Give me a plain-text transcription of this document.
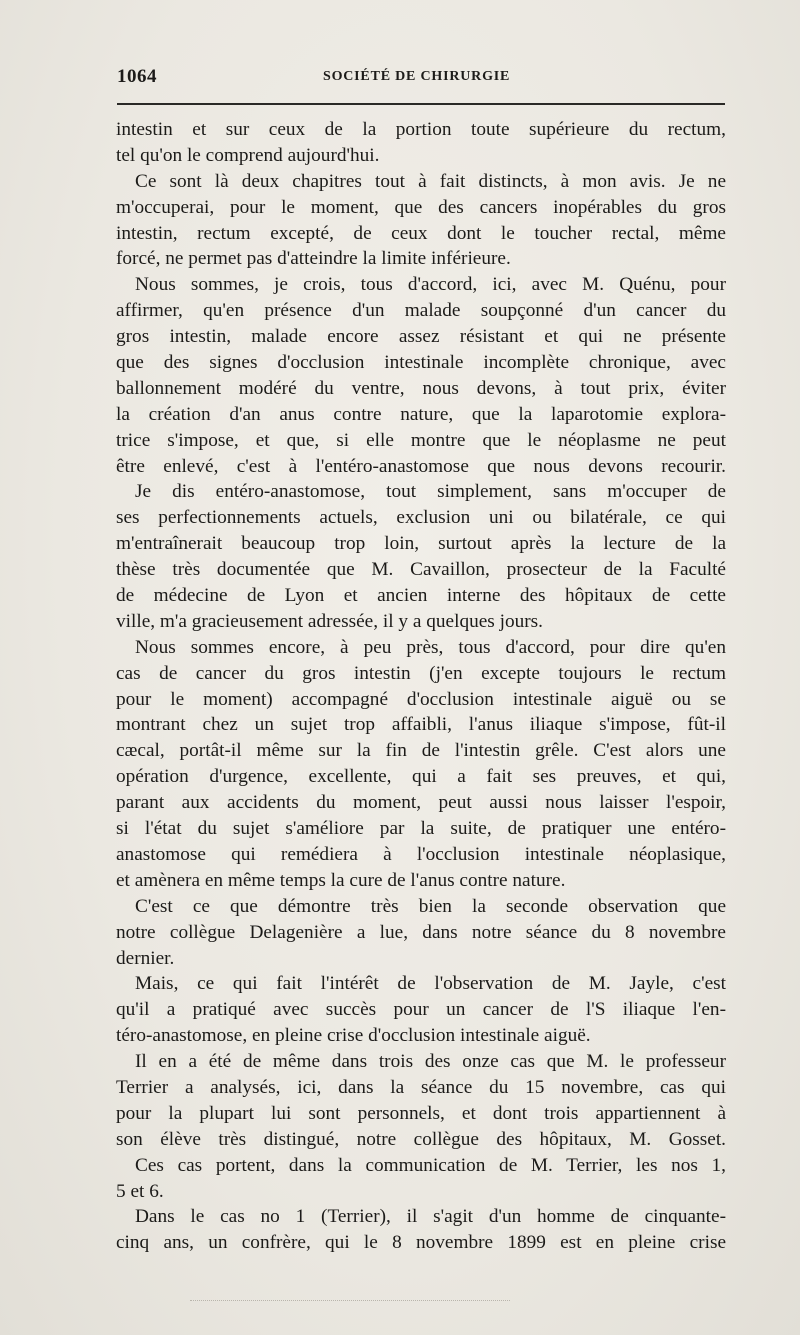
1064	SOCIÉTÉ DE CHIRURGIE
intestin et sur ceux de la portion toute supérieure du rectum,
tel qu'on le comprend aujourd'hui.
Ce sont là deux chapitres tout à fait distincts, à mon avis. Je ne
m'occuperai, pour le moment, que des cancers inopérables du gros
intestin, rectum excepté, de ceux dont le toucher rectal, même
forcé, ne permet pas d'atteindre la limite inférieure.
Nous sommes, je crois, tous d'accord, ici, avec M. Quénu, pour
affirmer, qu'en présence d'un malade soupçonné d'un cancer du
gros intestin, malade encore assez résistant et qui ne présente
que des signes d'occlusion intestinale incomplète chronique, avec
ballonnement modéré du ventre, nous devons, à tout prix, éviter
la création d'an anus contre nature, que la laparotomie explora-
trice s'impose, et que, si elle montre que le néoplasme ne peut
être enlevé, c'est à l'entéro-anastomose que nous devons recourir.
Je dis entéro-anastomose, tout simplement, sans m'occuper de
ses perfectionnements actuels, exclusion uni ou bilatérale, ce qui
m'entraînerait beaucoup trop loin, surtout après la lecture de la
thèse très documentée que M. Cavaillon, prosecteur de la Faculté
de médecine de Lyon et ancien interne des hôpitaux de cette
ville, m'a gracieusement adressée, il y a quelques jours.
Nous sommes encore, à peu près, tous d'accord, pour dire qu'en
cas de cancer du gros intestin (j'en excepte toujours le rectum
pour le moment) accompagné d'occlusion intestinale aiguë ou se
montrant chez un sujet trop affaibli, l'anus iliaque s'impose, fût-il
cæcal, portât-il même sur la fin de l'intestin grêle. C'est alors une
opération d'urgence, excellente, qui a fait ses preuves, et qui,
parant aux accidents du moment, peut aussi nous laisser l'espoir,
si l'état du sujet s'améliore par la suite, de pratiquer une entéro-
anastomose qui remédiera à l'occlusion intestinale néoplasique,
et amènera en même temps la cure de l'anus contre nature.
C'est ce que démontre très bien la seconde observation que
notre collègue Delagenière a lue, dans notre séance du 8 novembre
dernier.
Mais, ce qui fait l'intérêt de l'observation de M. Jayle, c'est
qu'il a pratiqué avec succès pour un cancer de l'S iliaque l'en-
téro-anastomose, en pleine crise d'occlusion intestinale aiguë.
Il en a été de même dans trois des onze cas que M. le professeur
Terrier a analysés, ici, dans la séance du 15 novembre, cas qui
pour la plupart lui sont personnels, et dont trois appartiennent à
son élève très distingué, notre collègue des hôpitaux, M. Gosset.
Ces cas portent, dans la communication de M. Terrier, les nos 1,
5 et 6.
Dans le cas no 1 (Terrier), il s'agit d'un homme de cinquante-
cinq ans, un confrère, qui le 8 novembre 1899 est en pleine crise
